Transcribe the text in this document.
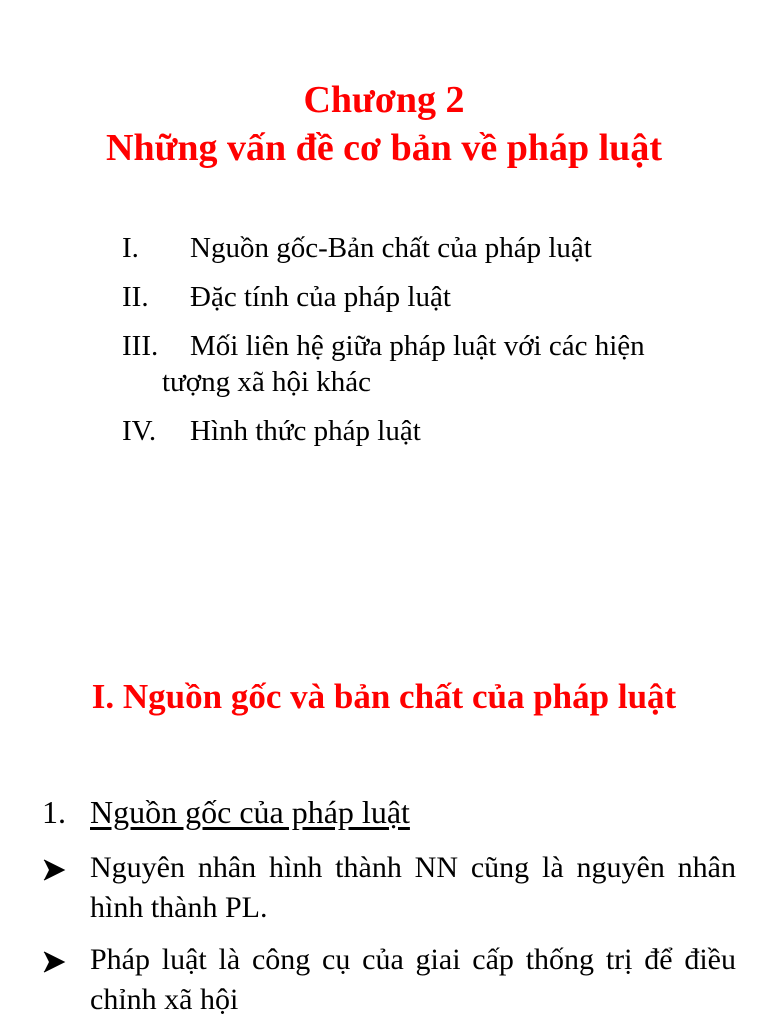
Chương 2

Những vấn đề cơ bản về pháp luật

I.	Nguồn gốc-Bản chất của pháp luật
II.	Đặc tính của pháp luật
III.	Mối liên hệ giữa pháp luật với các hiện
tượng xã hội khác
IV.	Hình thức pháp luật
I. Nguồn gốc và bản chất của pháp luật
1. Nguồn gốc của pháp luật
Nguyên nhân hình thành NN cũng là nguyên nhân hình thành PL.
Pháp luật là công cụ của giai cấp thống trị để điều chỉnh xã hội
